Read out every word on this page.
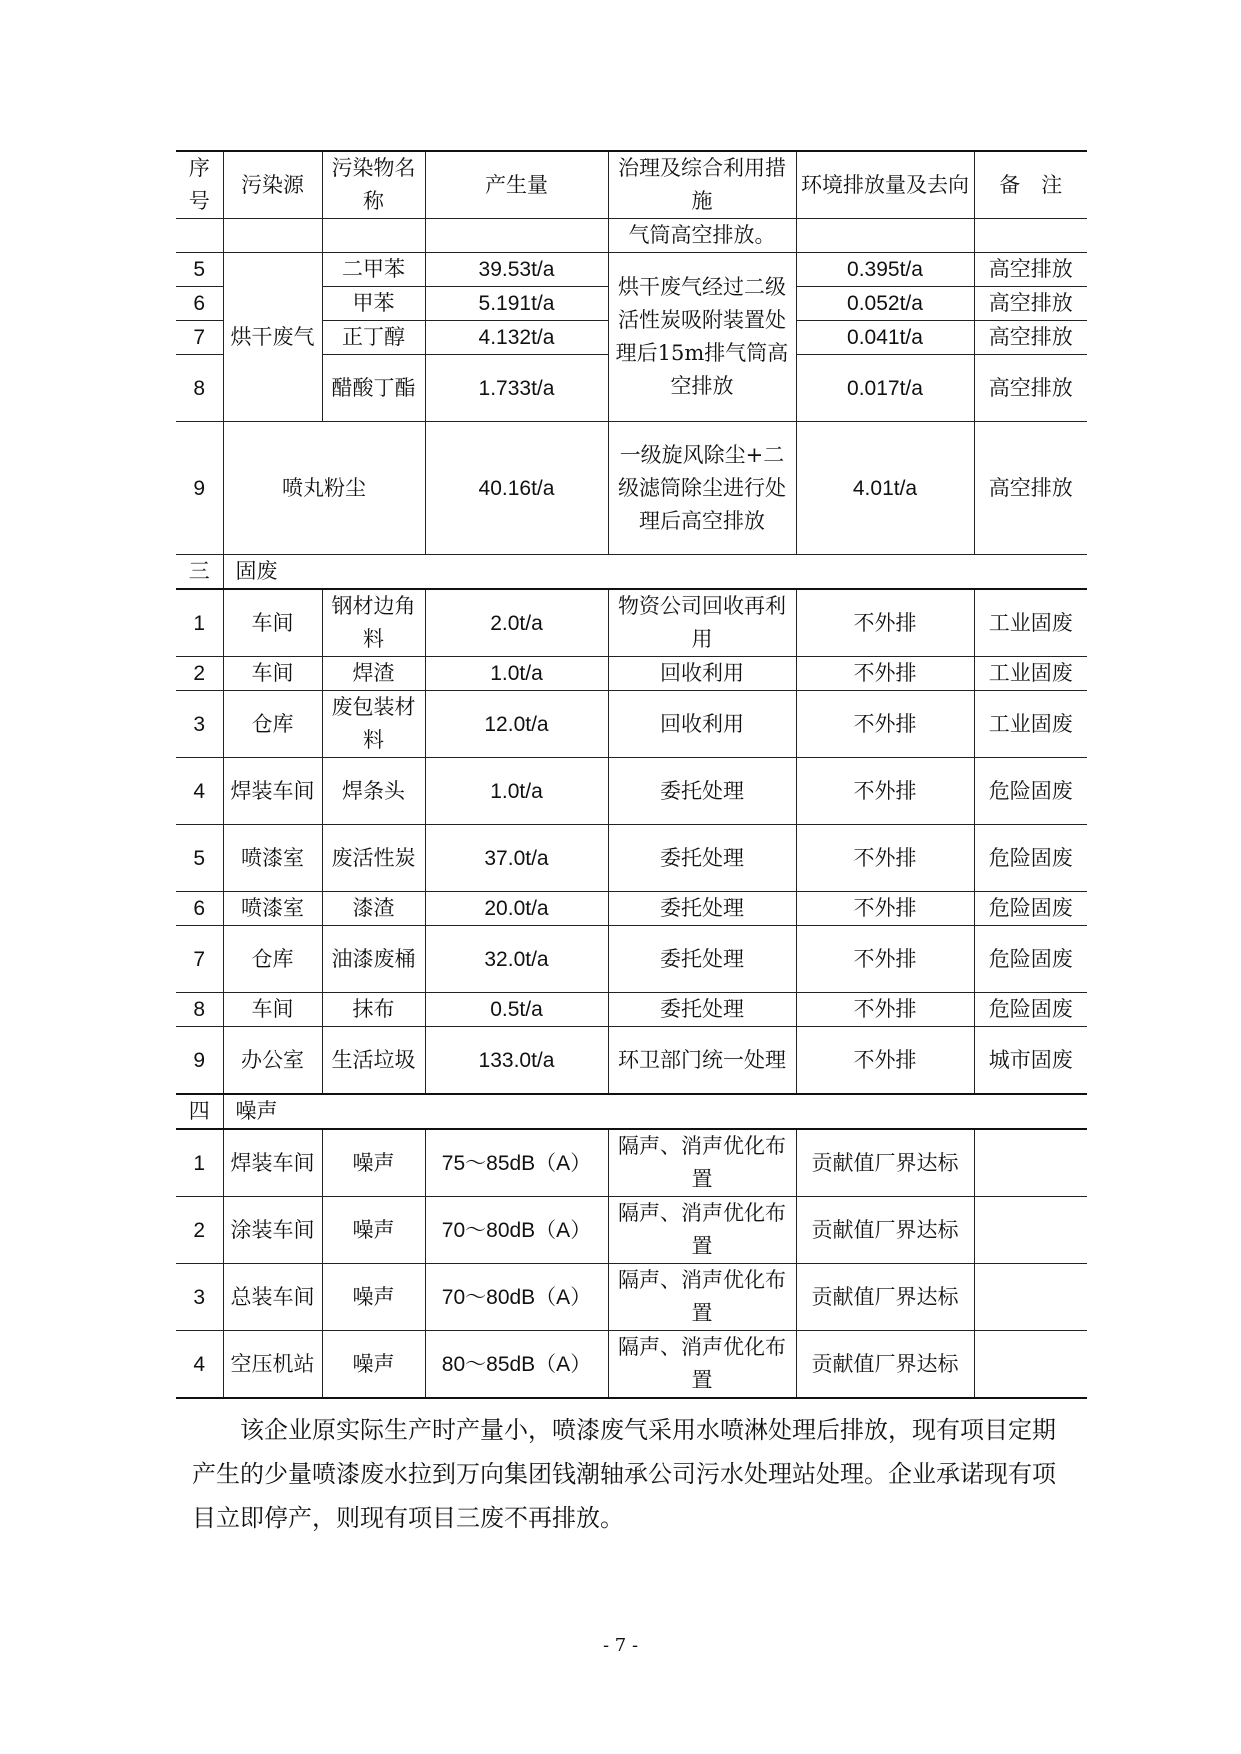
序号	污染源	污染物名称	产生量	治理及综合利用措施	环境排放量及去向	备　注
				气筒高空排放。		
5	烘干废气	二甲苯	39.53t/a	烘干废气经过二级活性炭吸附装置处理后15m排气筒高空排放	0.395t/a	高空排放
6		甲苯	5.191t/a		0.052t/a	高空排放
7		正丁醇	4.132t/a		0.041t/a	高空排放
8		醋酸丁酯	1.733t/a		0.017t/a	高空排放
9	喷丸粉尘		40.16t/a	一级旋风除尘+二级滤筒除尘进行处理后高空排放	4.01t/a	高空排放
三	固废					
1	车间	钢材边角料	2.0t/a	物资公司回收再利用	不外排	工业固废
2	车间	焊渣	1.0t/a	回收利用	不外排	工业固废
3	仓库	废包装材料	12.0t/a	回收利用	不外排	工业固废
4	焊装车间	焊条头	1.0t/a	委托处理	不外排	危险固废
5	喷漆室	废活性炭	37.0t/a	委托处理	不外排	危险固废
6	喷漆室	漆渣	20.0t/a	委托处理	不外排	危险固废
7	仓库	油漆废桶	32.0t/a	委托处理	不外排	危险固废
8	车间	抹布	0.5t/a	委托处理	不外排	危险固废
9	办公室	生活垃圾	133.0t/a	环卫部门统一处理	不外排	城市固废
四	噪声					
1	焊装车间	噪声	75～85dB（A）	隔声、消声优化布置	贡献值厂界达标	
2	涂装车间	噪声	70～80dB（A）	隔声、消声优化布置	贡献值厂界达标	
3	总装车间	噪声	70～80dB（A）	隔声、消声优化布置	贡献值厂界达标	
4	空压机站	噪声	80～85dB（A）	隔声、消声优化布置	贡献值厂界达标	

该企业原实际生产时产量小，喷漆废气采用水喷淋处理后排放，现有项目定期产生的少量喷漆废水拉到万向集团钱潮轴承公司污水处理站处理。企业承诺现有项目立即停产，则现有项目三废不再排放。

- 7 -
